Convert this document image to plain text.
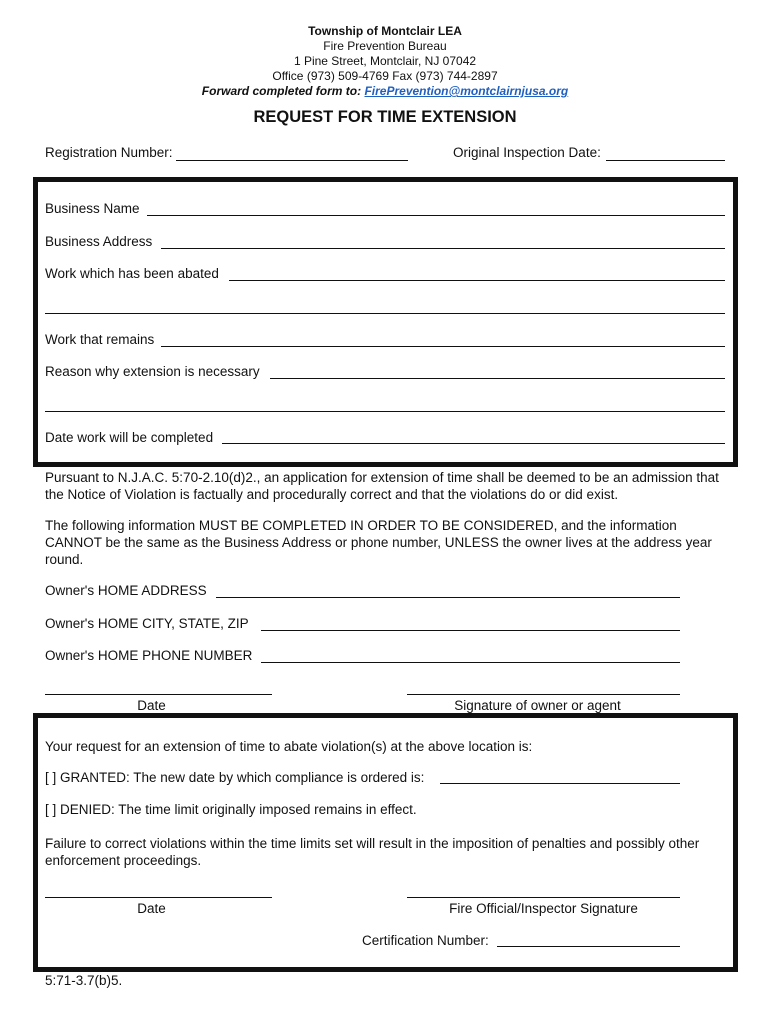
Township of Montclair LEA
Fire Prevention Bureau
1 Pine Street, Montclair, NJ 07042
Office (973) 509-4769 Fax (973) 744-2897
Forward completed form to: FirePrevention@montclairnjusa.org
REQUEST FOR TIME EXTENSION
Registration Number:	Original Inspection Date:
Business Name
Business Address
Work which has been abated
Work that remains
Reason why extension is necessary
Date work will be completed
Pursuant to N.J.A.C. 5:70-2.10(d)2., an application for extension of time shall be deemed to be an admission that the Notice of Violation is factually and procedurally correct and that the violations do or did exist.
The following information MUST BE COMPLETED IN ORDER TO BE CONSIDERED, and the information CANNOT be the same as the Business Address or phone number, UNLESS the owner lives at the address year round.
Owner's HOME ADDRESS
Owner's HOME CITY, STATE, ZIP
Owner's HOME PHONE NUMBER
Date	Signature of owner or agent
Your request for an extension of time to abate violation(s) at the above location is:
[ ] GRANTED: The new date by which compliance is ordered is:
[ ] DENIED: The time limit originally imposed remains in effect.
Failure to correct violations within the time limits set will result in the imposition of penalties and possibly other enforcement proceedings.
Date	Fire Official/Inspector Signature
Certification Number:
5:71-3.7(b)5.
